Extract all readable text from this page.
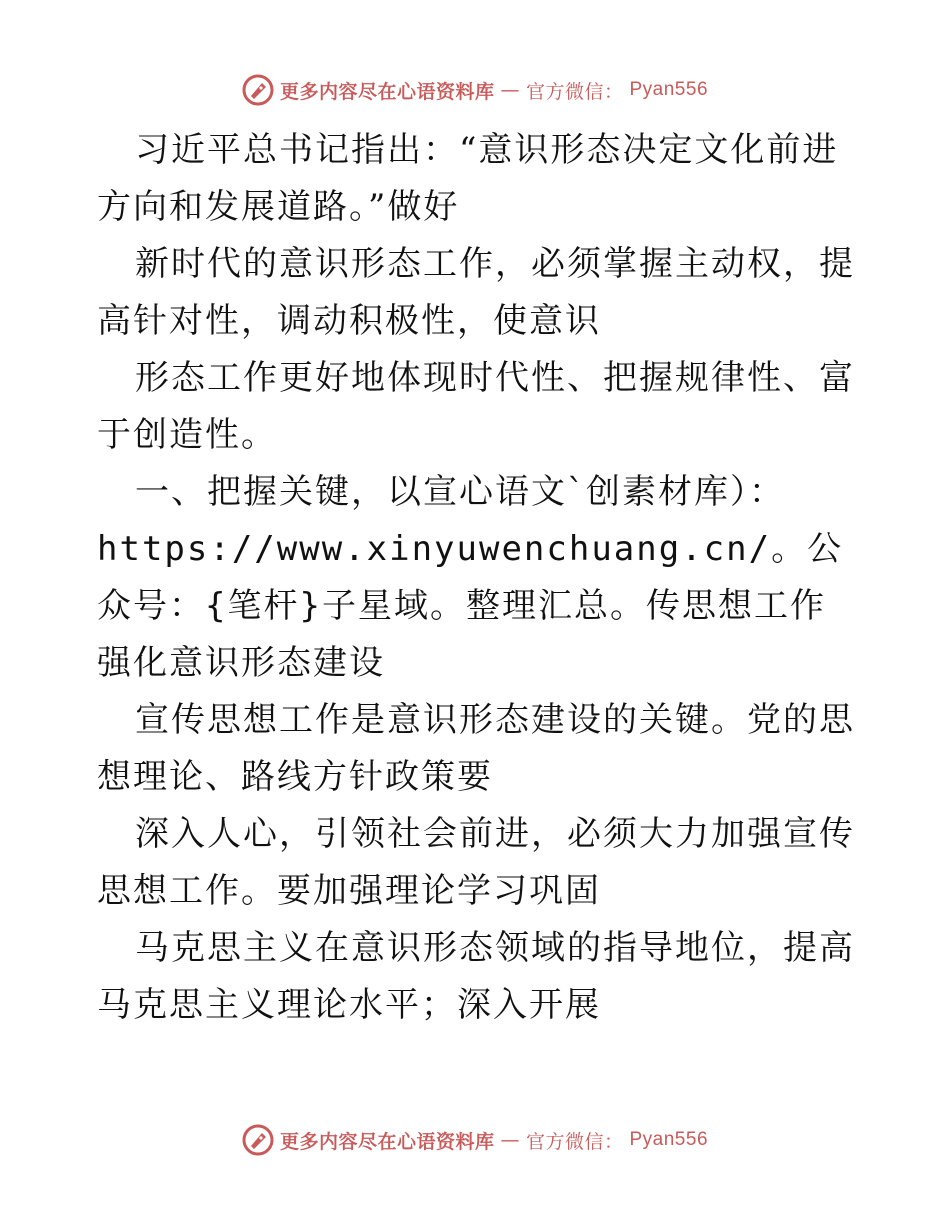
更多内容尽在心语资料库 — 官方微信： Pyan556

习近平总书记指出：“意识形态决定文化前进方向和发展道路。”做好

新时代的意识形态工作，必须掌握主动权，提高针对性，调动积极性，使意识

形态工作更好地体现时代性、把握规律性、富于创造性。

一、把握关键，以宣心语文`创素材库）：

https://www.xinyuwenchuang.cn/。公众号：{笔杆}子星域。整理汇总。传思想工作强化意识形态建设

宣传思想工作是意识形态建设的关键。党的思想理论、路线方针政策要

深入人心，引领社会前进，必须大力加强宣传思想工作。要加强理论学习巩固

马克思主义在意识形态领域的指导地位，提高马克思主义理论水平；深入开展

更多内容尽在心语资料库 — 官方微信： Pyan556
